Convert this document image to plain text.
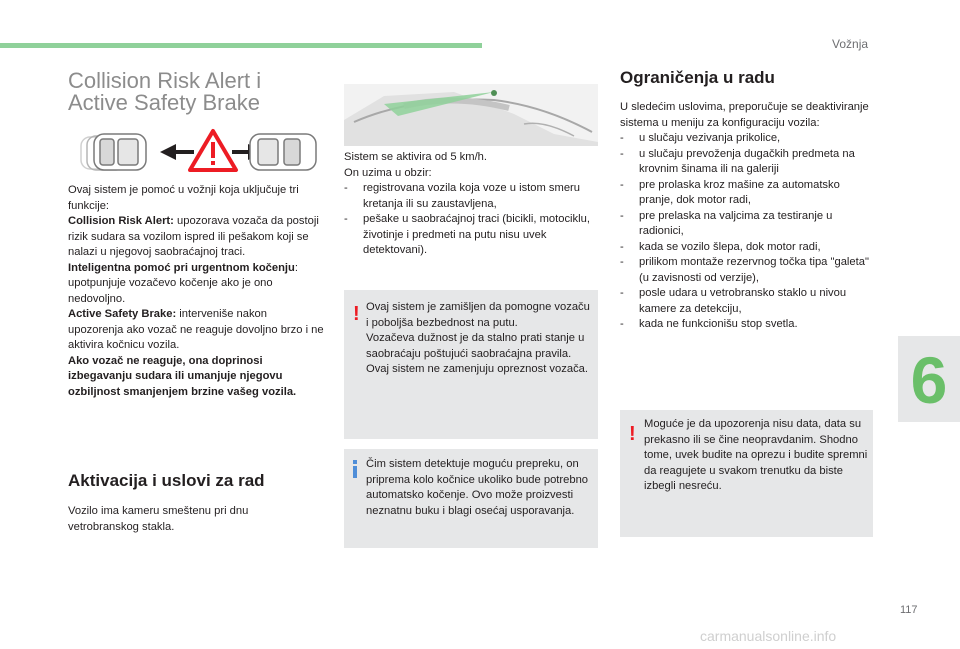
Vožnja
6
117
carmanualsonline.info
Collision Risk Alert i
Active Safety Brake

Ovaj sistem je pomoć u vožnji koja uključuje tri funkcije:

Collision Risk Alert: upozorava vozača da postoji rizik sudara sa vozilom ispred ili pešakom koji se nalazi u njegovoj saobraćajnoj traci.

Inteligentna pomoć pri urgentnom kočenju: upotpunjuje vozačevo kočenje ako je ono nedovoljno.

Active Safety Brake: interveniše nakon upozorenja ako vozač ne reaguje dovoljno brzo i ne aktivira kočnicu vozila.

Ako vozač ne reaguje, ona doprinosi izbegavanju sudara ili umanjuje njegovu ozbiljnost smanjenjem brzine vašeg vozila.

Aktivacija i uslovi za rad
Vozilo ima kameru smeštenu pri dnu vetrobranskog stakla.

Sistem se aktivira od 5 km/h.

On uzima u obzir:

- registrovana vozila koja voze u istom smeru kretanja ili su zaustavljena,
- pešake u saobraćajnoj traci (bicikli, motociklu, životinje i predmeti na putu nisu uvek detektovani).
! Ovaj sistem je zamišljen da pomogne vozaču i poboljša bezbednost na putu.

Vozačeva dužnost je da stalno prati stanje u saobraćaju poštujući saobraćajna pravila.

Ovaj sistem ne zamenjuju opreznost vozača.

Čim sistem detektuje moguću prepreku, on priprema kolo kočnice ukoliko bude potrebno automatsko kočenje. Ovo može proizvesti neznatnu buku i blagi osećaj usporavanja.
Ograničenja u radu

U sledećim uslovima, preporučuje se deaktiviranje sistema u meniju za konfiguraciju vozila:

- u slučaju vezivanja prikolice,
- u slučaju prevoženja dugačkih predmeta na krovnim šinama ili na galeriji
- pre prolaska kroz mašine za automatsko pranje, dok motor radi,
- pre prelaska na valjcima za testiranje u radionici,
- kada se vozilo šlepa, dok motor radi,
- prilikom montaže rezervnog točka tipa "galeta" (u zavisnosti od verzije),
- posle udara u vetrobransko staklo u nivou kamere za detekciju,
- kada ne funkcionišu stop svetla.
! Moguće je da upozorenja nisu data, data su prekasno ili se čine neopravdanim. Shodno tome, uvek budite na oprezu i budite spremni da reagujete u svakom trenutku da biste izbegli nesreću.
